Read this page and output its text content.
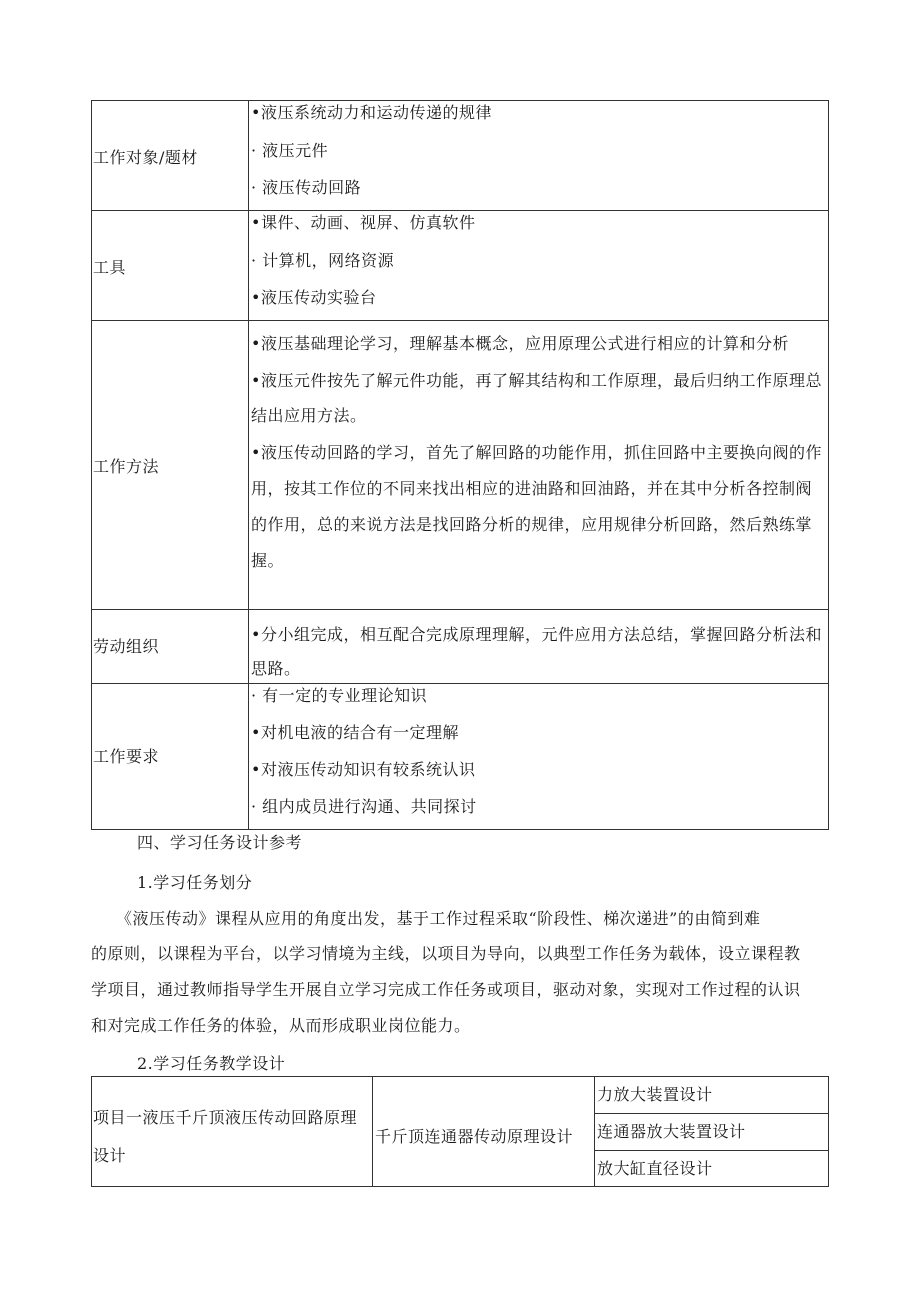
工作对象/题材
•液压系统动力和运动传递的规律
· 液压元件
· 液压传动回路
工具
•课件、动画、视屏、仿真软件
· 计算机，网络资源
•液压传动实验台
工作方法
•液压基础理论学习，理解基本概念，应用原理公式进行相应的计算和分析
•液压元件按先了解元件功能，再了解其结构和工作原理，最后归纳工作原理总
结出应用方法。
•液压传动回路的学习，首先了解回路的功能作用，抓住回路中主要换向阀的作
用，按其工作位的不同来找出相应的进油路和回油路，并在其中分析各控制阀
的作用，总的来说方法是找回路分析的规律，应用规律分析回路，然后熟练掌
握。
劳动组织
•分小组完成，相互配合完成原理理解，元件应用方法总结，掌握回路分析法和
思路。
工作要求
· 有一定的专业理论知识
•对机电液的结合有一定理解
•对液压传动知识有较系统认识
· 组内成员进行沟通、共同探讨
四、学习任务设计参考
1.学习任务划分
《液压传动》课程从应用的角度出发，基于工作过程采取“阶段性、梯次递进”的由简到难
的原则，以课程为平台，以学习情境为主线，以项目为导向，以典型工作任务为载体，设立课程教
学项目，通过教师指导学生开展自立学习完成工作任务或项目，驱动对象，实现对工作过程的认识
和对完成工作任务的体验，从而形成职业岗位能力。
2.学习任务教学设计
项目一液压千斤顶液压传动回路原理
设计
千斤顶连通器传动原理设计
力放大装置设计
连通器放大装置设计
放大缸直径设计
